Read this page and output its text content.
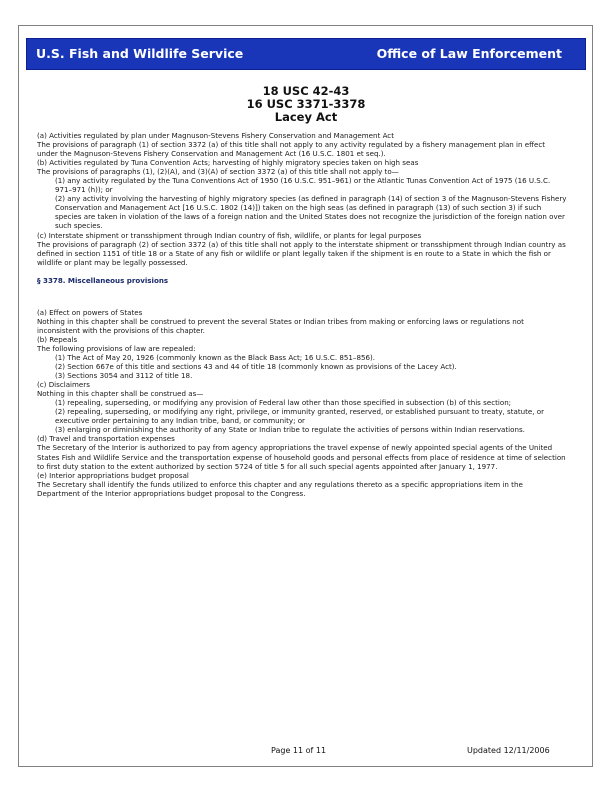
U.S. Fish and Wildlife Service	Office of Law Enforcement
18 USC 42-43
16 USC 3371-3378
Lacey Act

(a) Activities regulated by plan under Magnuson-Stevens Fishery Conservation and Management Act

The provisions of paragraph (1) of section 3372 (a) of this title shall not apply to any activity regulated by a fishery management plan in effect under the Magnuson-Stevens Fishery Conservation and Management Act (16 U.S.C. 1801 et seq.).

(b) Activities regulated by Tuna Convention Acts; harvesting of highly migratory species taken on high seas

The provisions of paragraphs (1), (2)(A), and (3)(A) of section 3372 (a) of this title shall not apply to—

(1) any activity regulated by the Tuna Conventions Act of 1950 (16 U.S.C. 951–961) or the Atlantic Tunas Convention Act of 1975 (16 U.S.C. 971–971 (h)); or

(2) any activity involving the harvesting of highly migratory species (as defined in paragraph (14) of section 3 of the Magnuson-Stevens Fishery Conservation and Management Act [16 U.S.C. 1802 (14)]) taken on the high seas (as defined in paragraph (13) of such section 3) if such species are taken in violation of the laws of a foreign nation and the United States does not recognize the jurisdiction of the foreign nation over such species.

(c) Interstate shipment or transshipment through Indian country of fish, wildlife, or plants for legal purposes

The provisions of paragraph (2) of section 3372 (a) of this title shall not apply to the interstate shipment or transshipment through Indian country as defined in section 1151 of title 18 or a State of any fish or wildlife or plant legally taken if the shipment is en route to a State in which the fish or wildlife or plant may be legally possessed.

§ 3378. Miscellaneous provisions

(a) Effect on powers of States

Nothing in this chapter shall be construed to prevent the several States or Indian tribes from making or enforcing laws or regulations not inconsistent with the provisions of this chapter.

(b) Repeals

The following provisions of law are repealed:

(1) The Act of May 20, 1926 (commonly known as the Black Bass Act; 16 U.S.C. 851–856).

(2) Section 667e of this title and sections 43 and 44 of title 18 (commonly known as provisions of the Lacey Act).

(3) Sections 3054 and 3112 of title 18.

(c) Disclaimers

Nothing in this chapter shall be construed as—

(1) repealing, superseding, or modifying any provision of Federal law other than those specified in subsection (b) of this section;

(2) repealing, superseding, or modifying any right, privilege, or immunity granted, reserved, or established pursuant to treaty, statute, or executive order pertaining to any Indian tribe, band, or community; or

(3) enlarging or diminishing the authority of any State or Indian tribe to regulate the activities of persons within Indian reservations.

(d) Travel and transportation expenses

The Secretary of the Interior is authorized to pay from agency appropriations the travel expense of newly appointed special agents of the United States Fish and Wildlife Service and the transportation expense of household goods and personal effects from place of residence at time of selection to first duty station to the extent authorized by section 5724 of title 5 for all such special agents appointed after January 1, 1977.

(e) Interior appropriations budget proposal

The Secretary shall identify the funds utilized to enforce this chapter and any regulations thereto as a specific appropriations item in the Department of the Interior appropriations budget proposal to the Congress.

Page 11 of 11	Updated 12/11/2006
